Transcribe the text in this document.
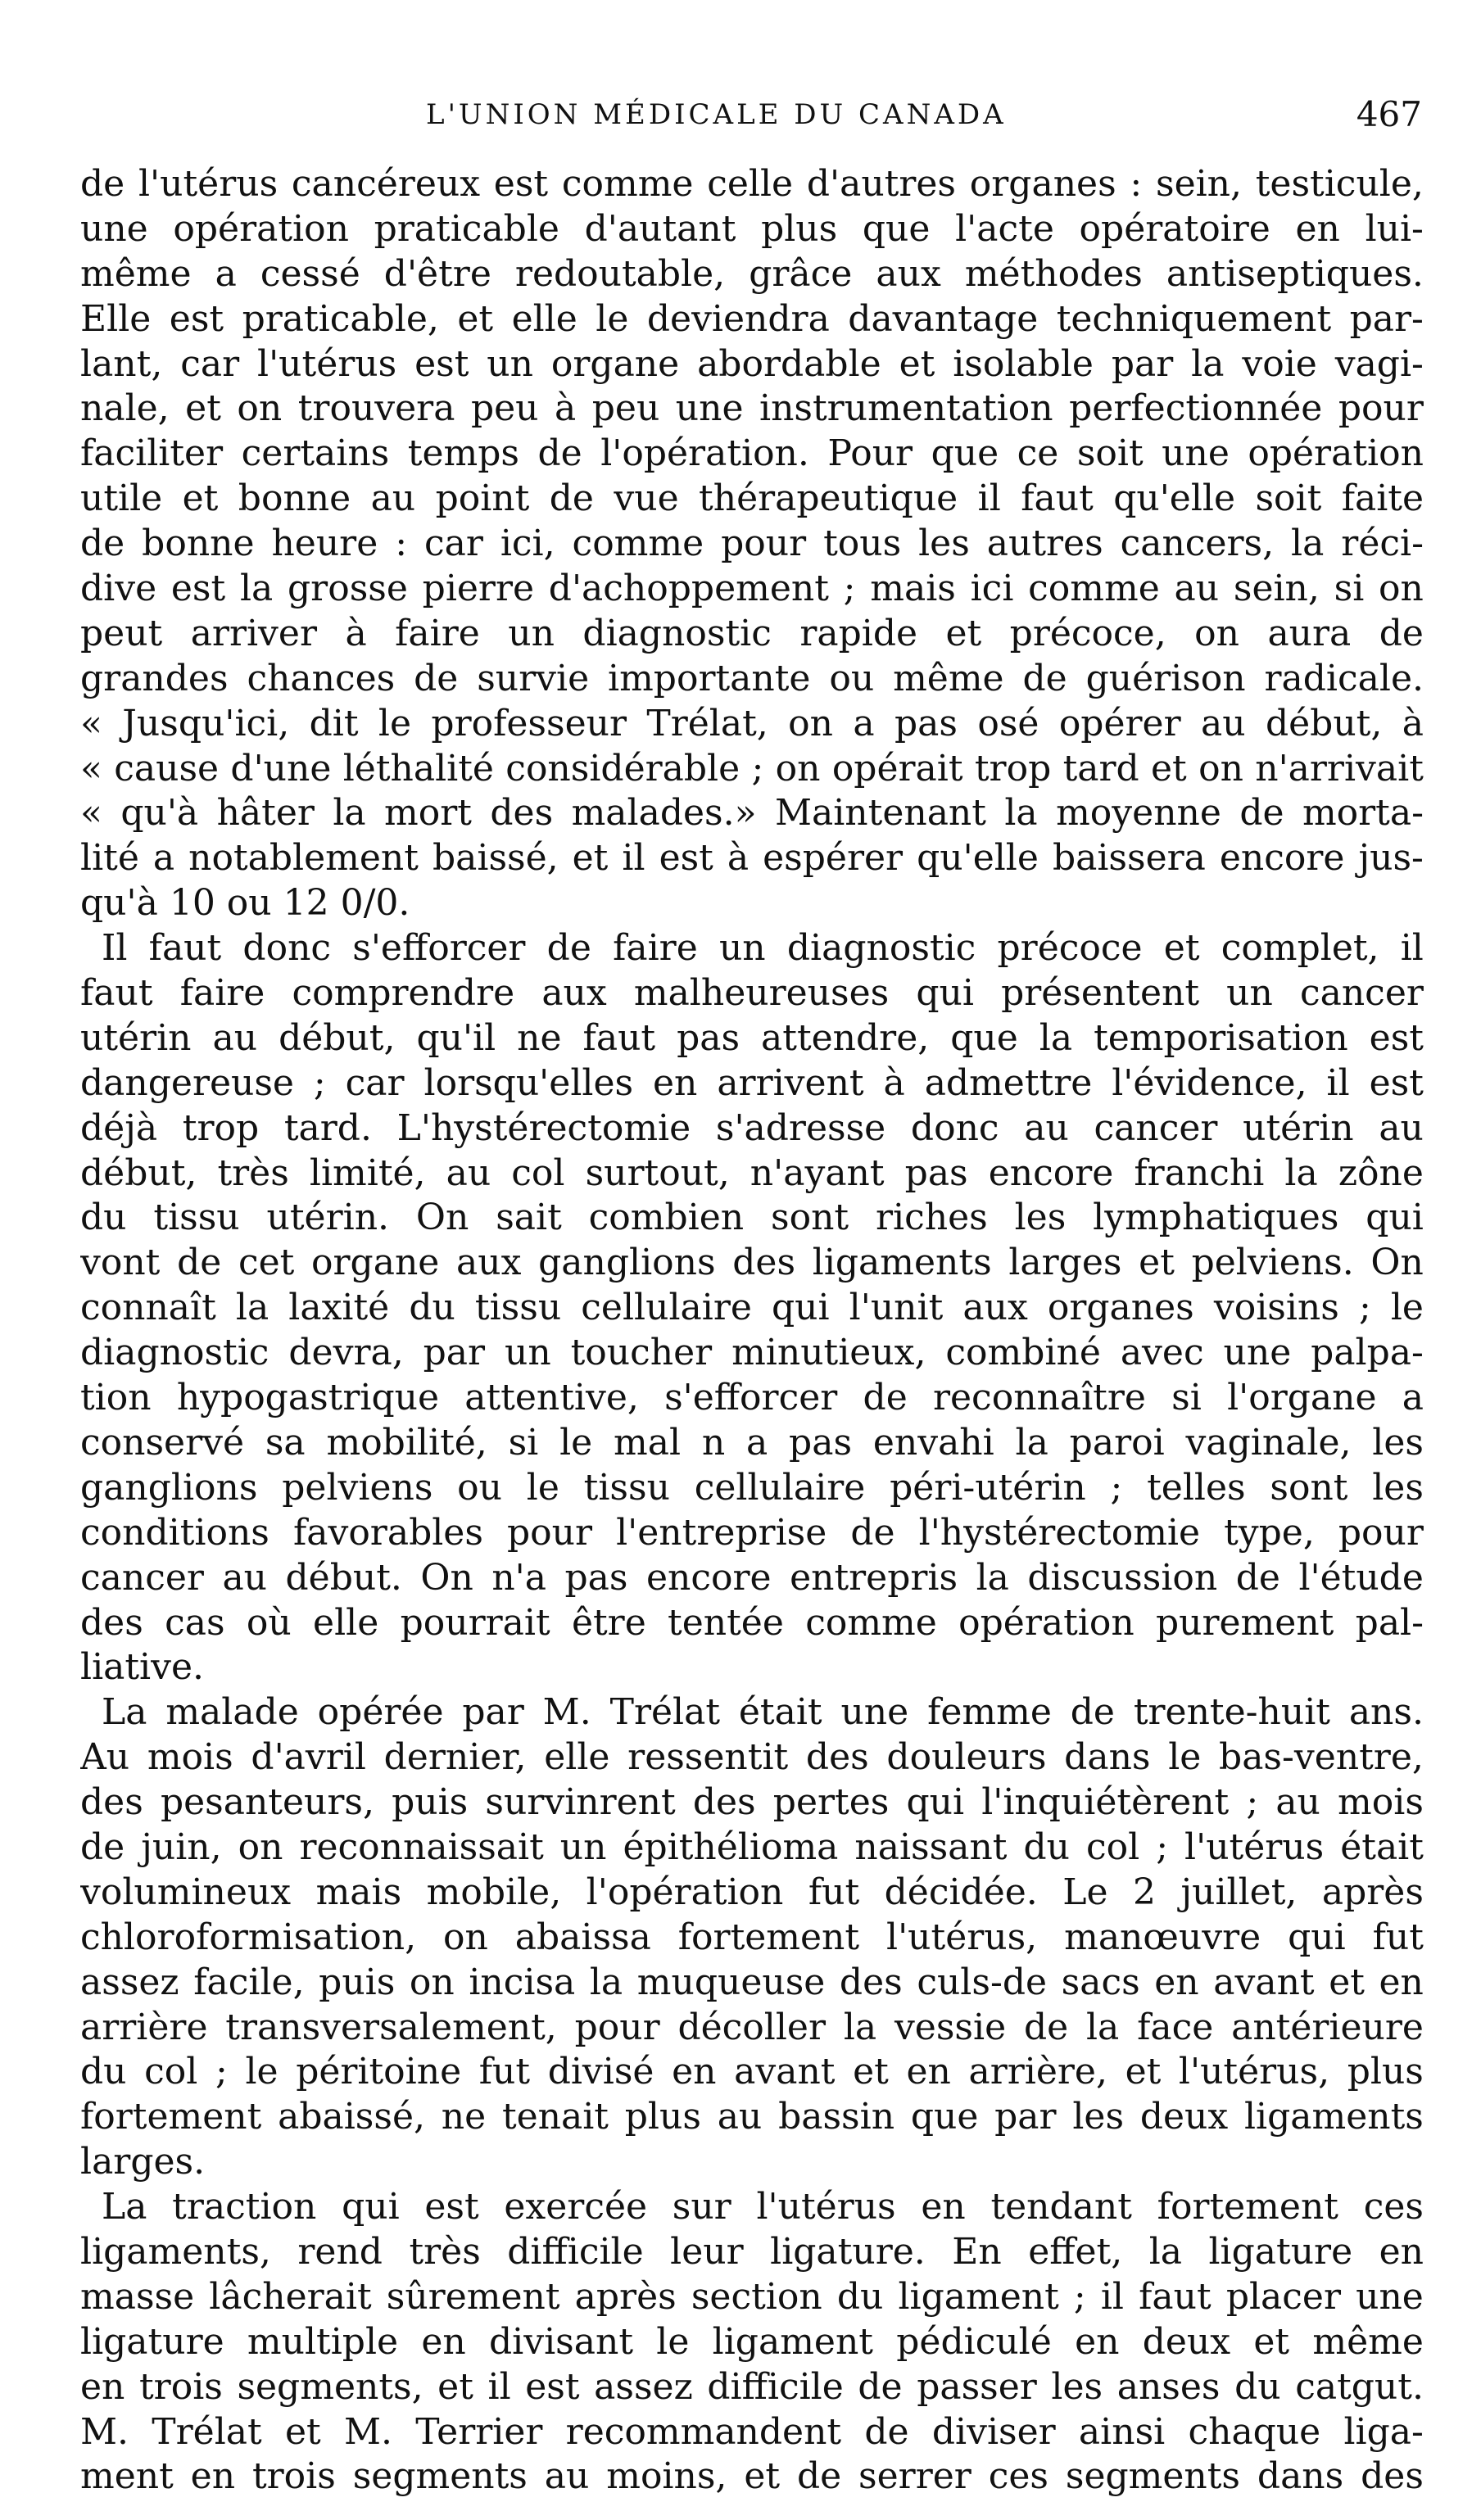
L'UNION MÉDICALE DU CANADA	467
de l'utérus cancéreux est comme celle d'autres organes : sein, testicule,
une opération praticable d'autant plus que l'acte opératoire en lui-
même a cessé d'être redoutable, grâce aux méthodes antiseptiques.
Elle est praticable, et elle le deviendra davantage techniquement par-
lant, car l'utérus est un organe abordable et isolable par la voie vagi-
nale, et on trouvera peu à peu une instrumentation perfectionnée pour
faciliter certains temps de l'opération. Pour que ce soit une opération
utile et bonne au point de vue thérapeutique il faut qu'elle soit faite
de bonne heure : car ici, comme pour tous les autres cancers, la réci-
dive est la grosse pierre d'achoppement ; mais ici comme au sein, si on
peut arriver à faire un diagnostic rapide et précoce, on aura de
grandes chances de survie importante ou même de guérison radicale.
« Jusqu'ici, dit le professeur Trélat, on a pas osé opérer au début, à
« cause d'une léthalité considérable ; on opérait trop tard et on n'arrivait
« qu'à hâter la mort des malades.» Maintenant la moyenne de morta-
lité a notablement baissé, et il est à espérer qu'elle baissera encore jus-
qu'à 10 ou 12 0/0.
Il faut donc s'efforcer de faire un diagnostic précoce et complet, il
faut faire comprendre aux malheureuses qui présentent un cancer
utérin au début, qu'il ne faut pas attendre, que la temporisation est
dangereuse ; car lorsqu'elles en arrivent à admettre l'évidence, il est
déjà trop tard. L'hystérectomie s'adresse donc au cancer utérin au
début, très limité, au col surtout, n'ayant pas encore franchi la zône
du tissu utérin. On sait combien sont riches les lymphatiques qui
vont de cet organe aux ganglions des ligaments larges et pelviens. On
connaît la laxité du tissu cellulaire qui l'unit aux organes voisins ; le
diagnostic devra, par un toucher minutieux, combiné avec une palpa-
tion hypogastrique attentive, s'efforcer de reconnaître si l'organe a
conservé sa mobilité, si le mal n a pas envahi la paroi vaginale, les
ganglions pelviens ou le tissu cellulaire péri-utérin ; telles sont les
conditions favorables pour l'entreprise de l'hystérectomie type, pour
cancer au début. On n'a pas encore entrepris la discussion de l'étude
des cas où elle pourrait être tentée comme opération purement pal-
liative.
La malade opérée par M. Trélat était une femme de trente-huit ans.
Au mois d'avril dernier, elle ressentit des douleurs dans le bas-ventre,
des pesanteurs, puis survinrent des pertes qui l'inquiétèrent ; au mois
de juin, on reconnaissait un épithélioma naissant du col ; l'utérus était
volumineux mais mobile, l'opération fut décidée. Le 2 juillet, après
chloroformisation, on abaissa fortement l'utérus, manœuvre qui fut
assez facile, puis on incisa la muqueuse des culs-de sacs en avant et en
arrière transversalement, pour décoller la vessie de la face antérieure
du col ; le péritoine fut divisé en avant et en arrière, et l'utérus, plus
fortement abaissé, ne tenait plus au bassin que par les deux ligaments
larges.
La traction qui est exercée sur l'utérus en tendant fortement ces
ligaments, rend très difficile leur ligature. En effet, la ligature en
masse lâcherait sûrement après section du ligament ; il faut placer une
ligature multiple en divisant le ligament pédiculé en deux et même
en trois segments, et il est assez difficile de passer les anses du catgut.
M. Trélat et M. Terrier recommandent de diviser ainsi chaque liga-
ment en trois segments au moins, et de serrer ces segments dans des
